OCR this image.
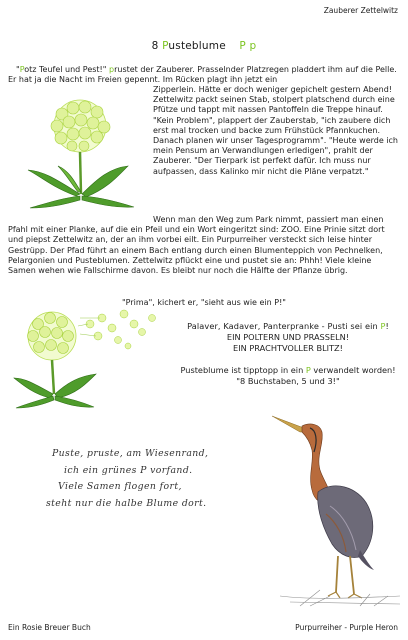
Zauberer Zettelwitz
8 Pusteblume P p
"Potz Teufel und Pest!" prustet der Zauberer. Prasselnder Platzregen pladdert ihm auf die Pelle. Er hat ja die Nacht im Freien gepennt. Im Rücken plagt ihn jetzt ein
Zipperlein. Hätte er doch weniger gepichelt gestern Abend! Zettelwitz packt seinen Stab, stolpert platschend durch eine Pfütze und tappt mit nassen Pantoffeln die Treppe hinauf. "Kein Problem", plappert der Zauberstab, "ich zaubere dich erst mal trocken und backe zum Frühstück Pfannkuchen. Danach planen wir unser Tagesprogramm". "Heute werde ich mein Pensum an Verwandlungen erledigen", prahlt der Zauberer. "Der Tierpark ist perfekt dafür. Ich muss nur aufpassen, dass Kalinko mir nicht die Pläne verpatzt."
Wenn man den Weg zum Park nimmt, passiert man einen
Pfahl mit einer Planke, auf die ein Pfeil und ein Wort eingeritzt sind: ZOO. Eine Prinie sitzt dort und piepst Zettelwitz an, der an ihm vorbei eilt. Ein Purpurreiher versteckt sich leise hinter Gestrüpp. Der Pfad führt an einem Bach entlang durch einen Blumenteppich von Pechnelken, Pelargonien und Pusteblumen. Zettelwitz pflückt eine und pustet sie an: Phhh! Viele kleine Samen wehen wie Fallschirme davon. Es bleibt nur noch die Hälfte der Pflanze übrig.
"Prima", kichert er, "sieht aus wie ein P!"
Palaver, Kadaver, Panterpranke - Pusti sei ein P!
EIN POLTERN UND PRASSELN!
EIN PRACHTVOLLER BLITZ!
Pusteblume ist tipptopp in ein P verwandelt worden!
"8 Buchstaben, 5 und 3!"
Puste, pruste, am Wiesenrand,
ich ein grünes P vorfand.
Viele Samen flogen fort,
steht nur die halbe Blume dort.
Ein Rosie Breuer Buch	Purpurreiher - Purple Heron
